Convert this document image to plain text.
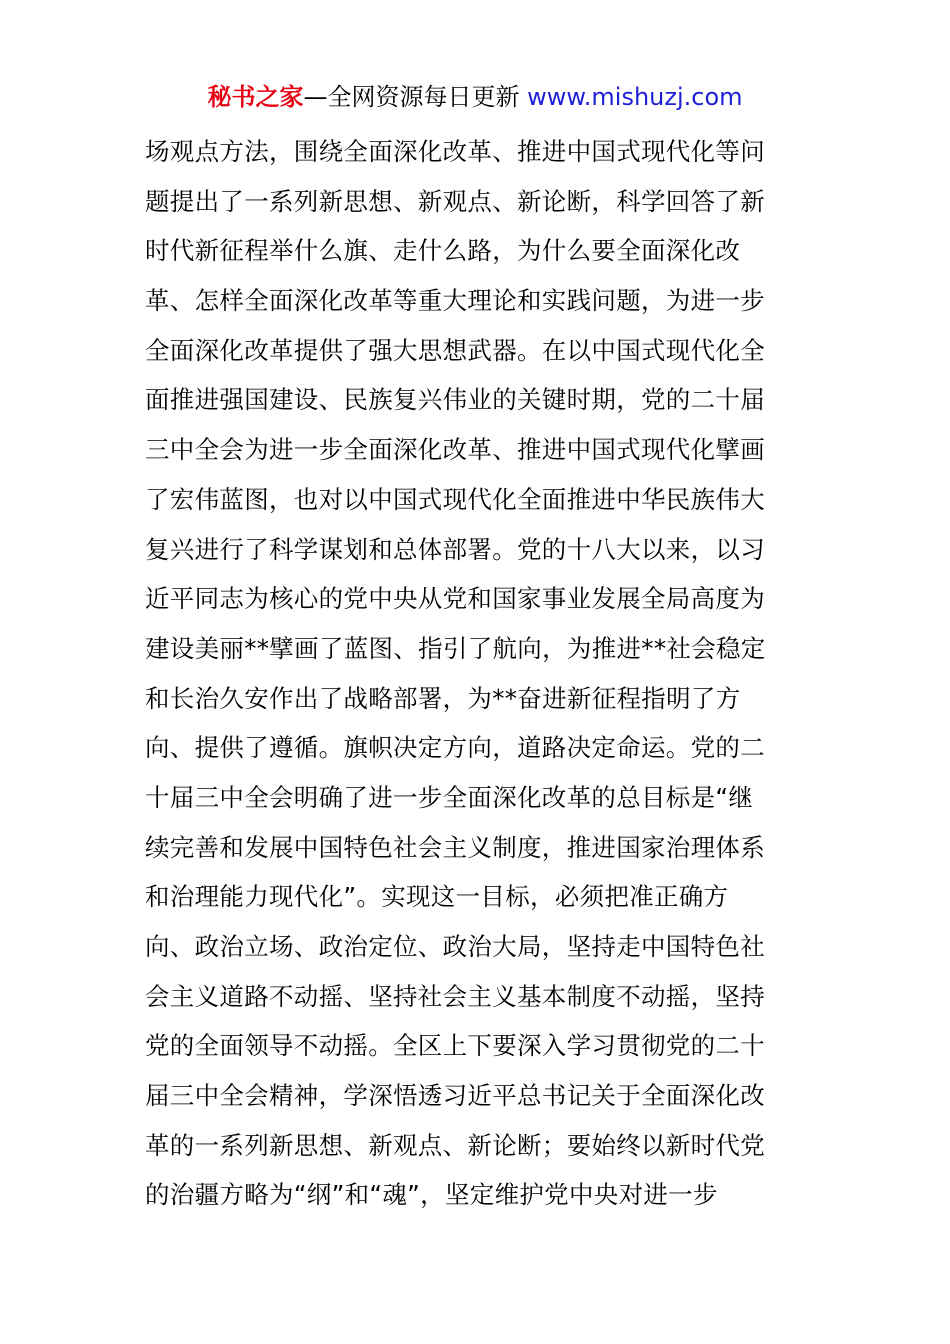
秘书之家—全网资源每日更新 www.mishuzj.com
场观点方法，围绕全面深化改革、推进中国式现代化等问
题提出了一系列新思想、新观点、新论断，科学回答了新
时代新征程举什么旗、走什么路，为什么要全面深化改
革、怎样全面深化改革等重大理论和实践问题，为进一步
全面深化改革提供了强大思想武器。在以中国式现代化全
面推进强国建设、民族复兴伟业的关键时期，党的二十届
三中全会为进一步全面深化改革、推进中国式现代化擘画
了宏伟蓝图，也对以中国式现代化全面推进中华民族伟大
复兴进行了科学谋划和总体部署。党的十八大以来，以习
近平同志为核心的党中央从党和国家事业发展全局高度为
建设美丽**擘画了蓝图、指引了航向，为推进**社会稳定
和长治久安作出了战略部署，为**奋进新征程指明了方
向、提供了遵循。旗帜决定方向，道路决定命运。党的二
十届三中全会明确了进一步全面深化改革的总目标是“继
续完善和发展中国特色社会主义制度，推进国家治理体系
和治理能力现代化”。实现这一目标，必须把准正确方
向、政治立场、政治定位、政治大局，坚持走中国特色社
会主义道路不动摇、坚持社会主义基本制度不动摇，坚持
党的全面领导不动摇。全区上下要深入学习贯彻党的二十
届三中全会精神，学深悟透习近平总书记关于全面深化改
革的一系列新思想、新观点、新论断；要始终以新时代党
的治疆方略为“纲”和“魂”，坚定维护党中央对进一步
